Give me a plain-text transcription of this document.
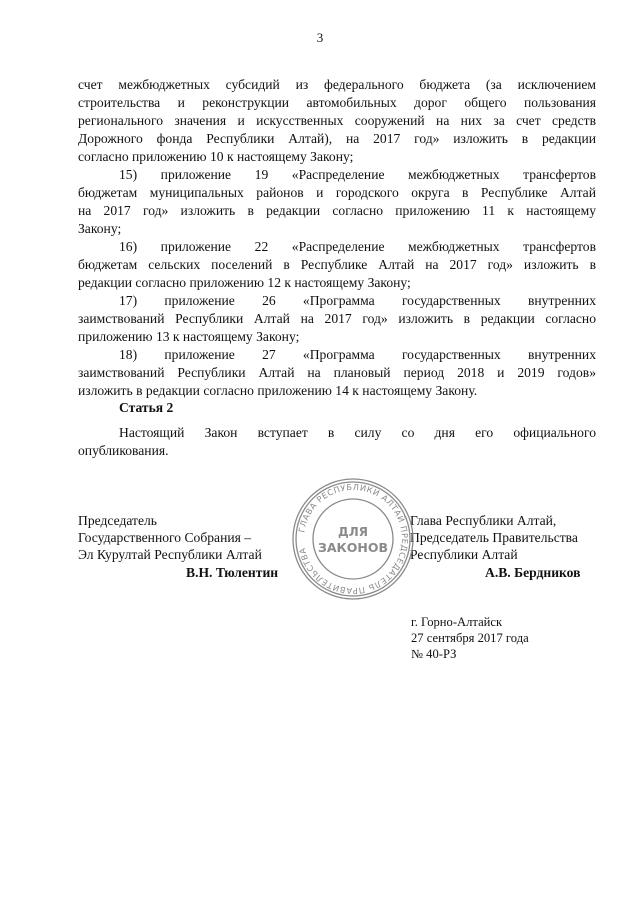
3
счет межбюджетных субсидий из федерального бюджета (за исключением
строительства и реконструкции автомобильных дорог общего пользования
регионального значения и искусственных сооружений на них за счет средств
Дорожного фонда Республики Алтай), на 2017 год» изложить в редакции
согласно приложению 10 к настоящему Закону;
15) приложение 19 «Распределение межбюджетных трансфертов
бюджетам муниципальных районов и городского округа в Республике Алтай
на 2017 год» изложить в редакции согласно приложению 11 к настоящему
Закону;
16) приложение 22 «Распределение межбюджетных трансфертов
бюджетам сельских поселений в Республике Алтай на 2017 год» изложить в
редакции согласно приложению 12 к настоящему Закону;
17) приложение 26 «Программа государственных внутренних
заимствований Республики Алтай на 2017 год» изложить в редакции согласно
приложению 13 к настоящему Закону;
18) приложение 27 «Программа государственных внутренних
заимствований Республики Алтай на плановый период 2018 и 2019 годов»
изложить в редакции согласно приложению 14 к настоящему Закону.
Статья 2
Настоящий Закон вступает в силу со дня его официального
опубликования.
Председатель
Государственного Собрания –
Эл Курултай Республики Алтай
В.Н. Тюлентин
Глава Республики Алтай,
Председатель Правительства
Республики Алтай
А.В. Бердников
г. Горно-Алтайск
27 сентября 2017 года
№ 40-РЗ
ГЛАВА РЕСПУБЛИКИ АЛТАЙ ПРЕДСЕДАТЕЛЬ ПРАВИТЕЛЬСТВА
ДЛЯ
ЗАКОНОВ
